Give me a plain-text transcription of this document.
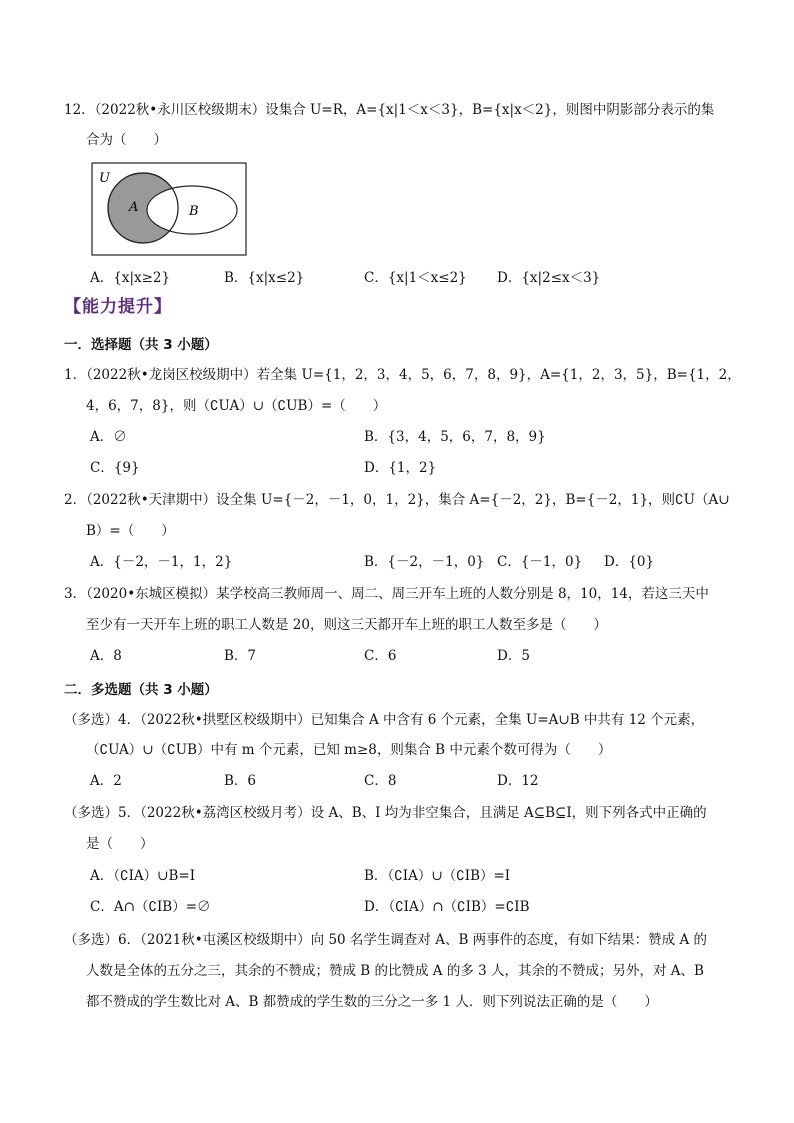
12．（2022秋•永川区校级期末）设集合 U=R，A={x|1＜x＜3}，B={x|x＜2}，则图中阴影部分表示的集
合为（　　）
U
A	B
A．{x|x≥2}	B．{x|x≤2}	C．{x|1＜x≤2} D．{x|2≤x＜3}
【能力提升】
一．选择题（共 3 小题）
1．（2022秋•龙岗区校级期中）若全集 U={1，2，3，4，5，6，7，8，9}，A={1，2，3，5}，B={1，2，
4，6，7，8}，则（∁UA）∪（∁UB）=（　　）
A．∅	B．{3，4，5，6，7，8，9}
C．{9}	D．{1，2}
2．（2022秋•天津期中）设全集 U={－2，－1，0，1，2}，集合 A={－2，2}，B={－2，1}，则∁U（A∪
B）=（　　）
A．{－2，－1，1，2}	B．{－2，－1，0} C．{－1，0} D．{0}
3．（2020•东城区模拟）某学校高三教师周一、周二、周三开车上班的人数分别是 8，10，14，若这三天中
至少有一天开车上班的职工人数是 20，则这三天都开车上班的职工人数至多是（　　）
A．8	B．7	C．6	D．5
二．多选题（共 3 小题）
（多选）4．（2022秋•拱墅区校级期中）已知集合 A 中含有 6 个元素，全集 U=A∪B 中共有 12 个元素，
（∁UA）∪（∁UB）中有 m 个元素，已知 m≥8，则集合 B 中元素个数可得为（　　）
A．2	B．6	C．8	D．12
（多选）5．（2022秋•荔湾区校级月考）设 A、B、I 均为非空集合，且满足 A⊆B⊆I，则下列各式中正确的
是（　　）
A．（∁IA）∪B=I	B．（∁IA）∪（∁IB）=I
C．A∩（∁IB）=∅	D．（∁IA）∩（∁IB）=∁IB
（多选）6．（2021秋•屯溪区校级期中）向 50 名学生调查对 A、B 两事件的态度，有如下结果：赞成 A 的
人数是全体的五分之三，其余的不赞成；赞成 B 的比赞成 A 的多 3 人，其余的不赞成；另外，对 A、B
都不赞成的学生数比对 A、B 都赞成的学生数的三分之一多 1 人．则下列说法正确的是（　　）
